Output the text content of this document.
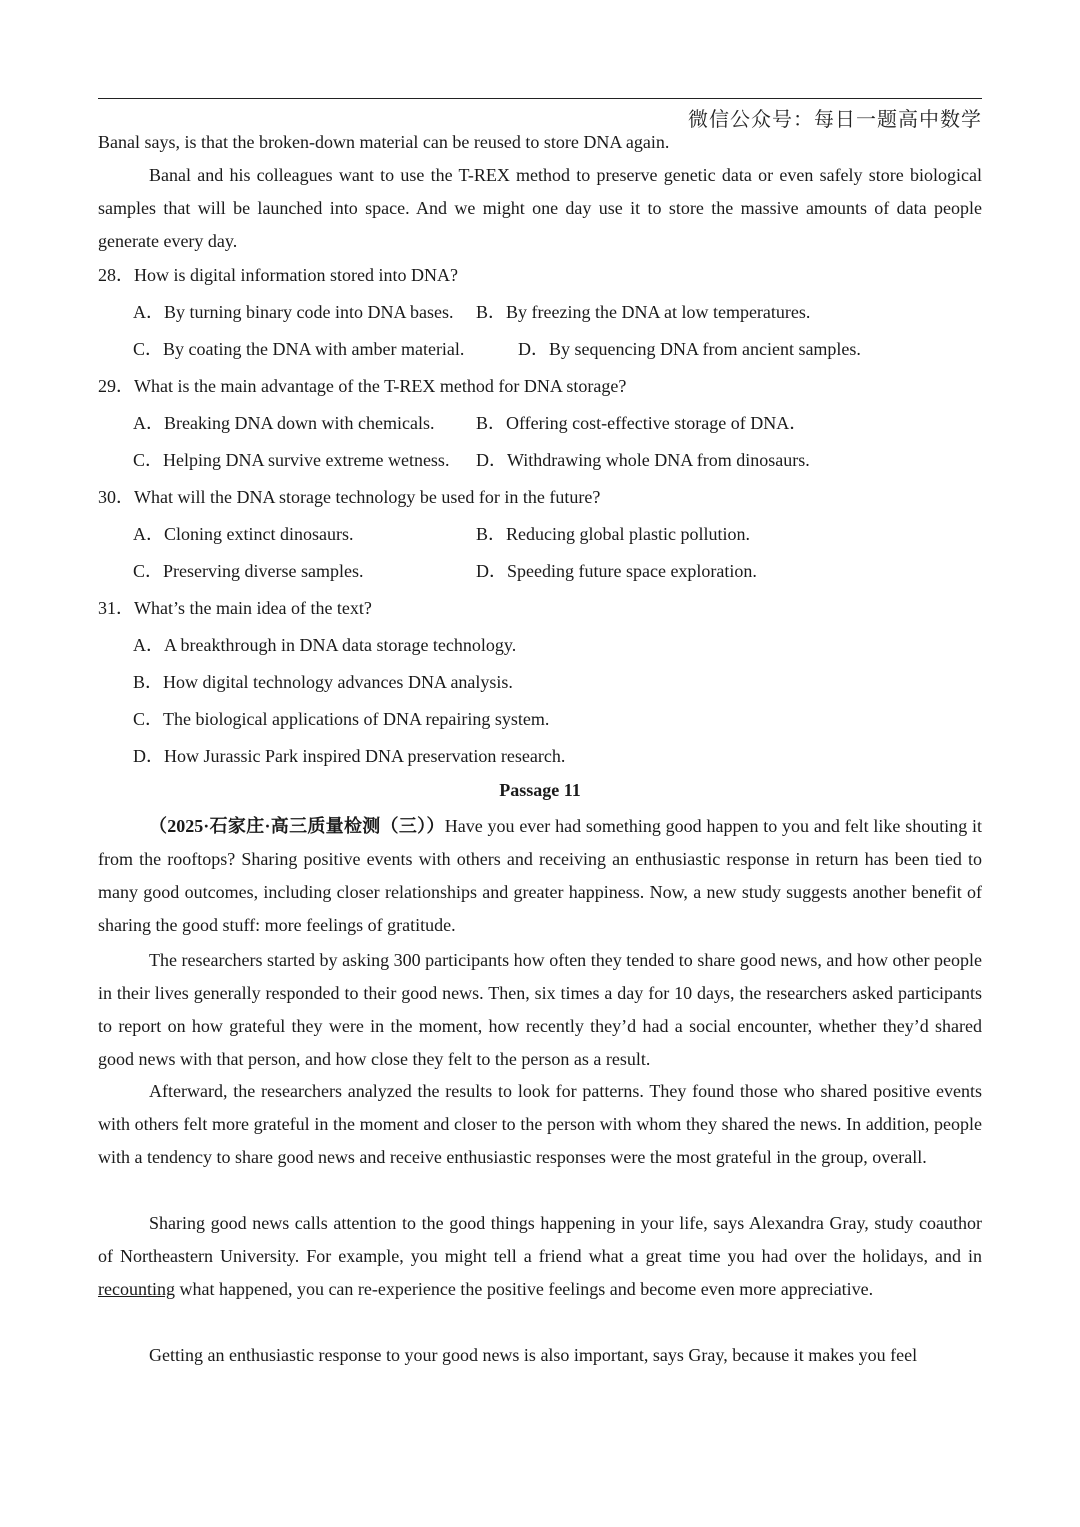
微信公众号：每日一题高中数学
Banal says, is that the broken-down material can be reused to store DNA again.
Banal and his colleagues want to use the T-REX method to preserve genetic data or even safely store biological samples that will be launched into space. And we might one day use it to store the massive amounts of data people generate every day.
28．How is digital information stored into DNA?
A．By turning binary code into DNA bases. B．By freezing the DNA at low temperatures.
C．By coating the DNA with amber material.	D．By sequencing DNA from ancient samples.
29．What is the main advantage of the T-REX method for DNA storage?
A．Breaking DNA down with chemicals. B．Offering cost-effective storage of DNA．
C．Helping DNA survive extreme wetness. D．Withdrawing whole DNA from dinosaurs.
30．What will the DNA storage technology be used for in the future?
A．Cloning extinct dinosaurs.	B．Reducing global plastic pollution.
C．Preserving diverse samples.	D．Speeding future space exploration.
31．What’s the main idea of the text?
A．A breakthrough in DNA data storage technology.
B．How digital technology advances DNA analysis.
C．The biological applications of DNA repairing system.
D．How Jurassic Park inspired DNA preservation research.
Passage 11
（2025·石家庄·高三质量检测（三））Have you ever had something good happen to you and felt like shouting it from the rooftops? Sharing positive events with others and receiving an enthusiastic response in return has been tied to many good outcomes, including closer relationships and greater happiness. Now, a new study suggests another benefit of sharing the good stuff: more feelings of gratitude.
The researchers started by asking 300 participants how often they tended to share good news, and how other people in their lives generally responded to their good news. Then, six times a day for 10 days, the researchers asked participants to report on how grateful they were in the moment, how recently they’d had a social encounter, whether they’d shared good news with that person, and how close they felt to the person as a result.
Afterward, the researchers analyzed the results to look for patterns. They found those who shared positive events with others felt more grateful in the moment and closer to the person with whom they shared the news. In addition, people with a tendency to share good news and receive enthusiastic responses were the most grateful in the group, overall.
Sharing good news calls attention to the good things happening in your life, says Alexandra Gray, study coauthor of Northeastern University. For example, you might tell a friend what a great time you had over the holidays, and in recounting what happened, you can re-experience the positive feelings and become even more appreciative.
Getting an enthusiastic response to your good news is also important, says Gray, because it makes you feel
